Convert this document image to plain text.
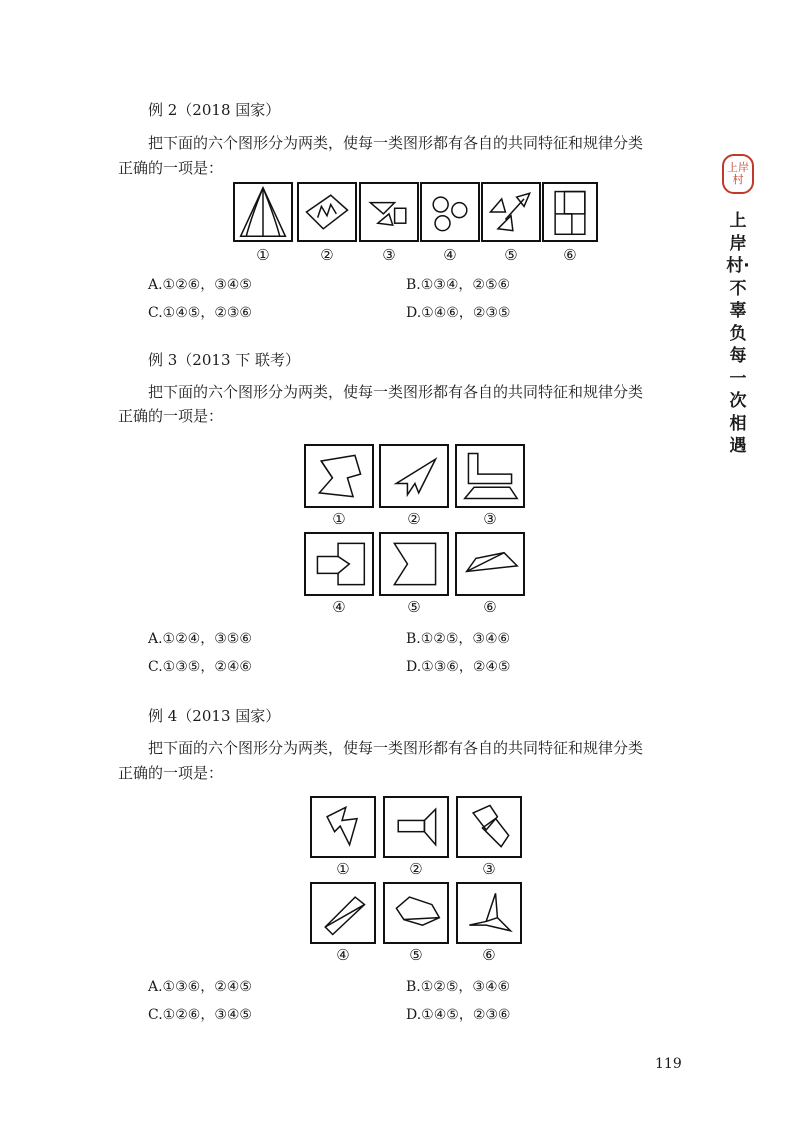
上岸村
上岸村·不辜负每一次相遇
例 2（2018 国家）
把下面的六个图形分为两类，使每一类图形都有各自的共同特征和规律分类
正确的一项是：
①	②	③	④	⑤	⑥
A.①②⑥，③④⑤	B.①③④，②⑤⑥
C.①④⑤，②③⑥	D.①④⑥，②③⑤
例 3（2013 下 联考）
把下面的六个图形分为两类，使每一类图形都有各自的共同特征和规律分类
正确的一项是：
①	②	③
④	⑤	⑥
A.①②④，③⑤⑥	B.①②⑤，③④⑥
C.①③⑤，②④⑥	D.①③⑥，②④⑤
例 4（2013 国家）
把下面的六个图形分为两类，使每一类图形都有各自的共同特征和规律分类
正确的一项是：
①	②	③
④	⑤	⑥
A.①③⑥，②④⑤	B.①②⑤，③④⑥
C.①②⑥，③④⑤	D.①④⑤，②③⑥
119
